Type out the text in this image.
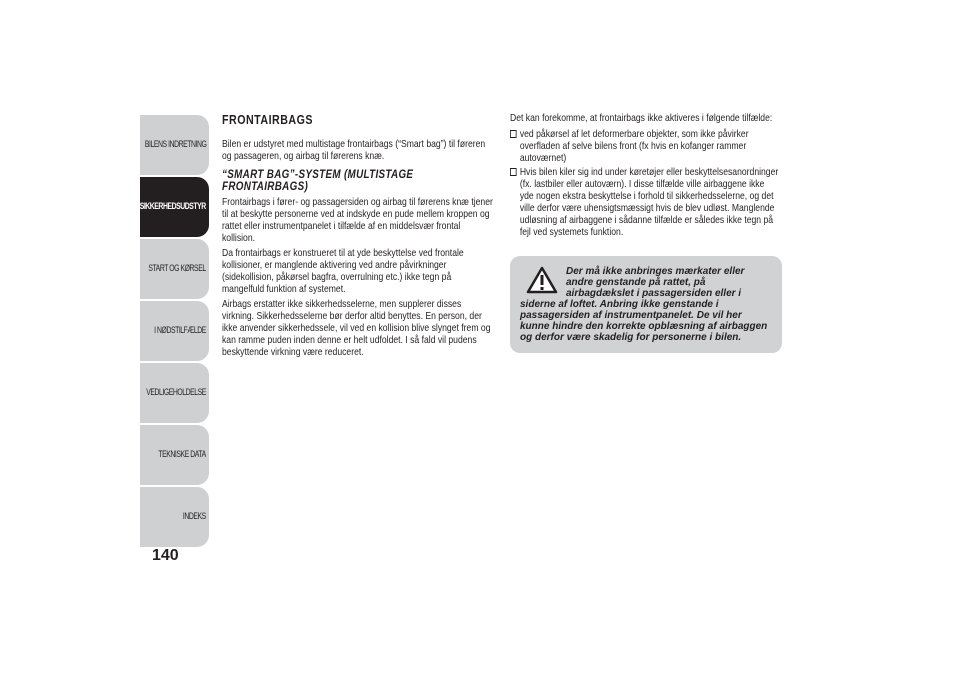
BILENS INDRETNING
SIKKERHEDSUDSTYR
START OG KØRSEL
I NØDSTILFÆLDE
VEDLIGEHOLDELSE
TEKNISKE DATA
INDEKS
140
FRONTAIRBAGS

Bilen er udstyret med multistage frontairbags (“Smart bag”) til føreren og passageren, og airbag til førerens knæ.

“SMART BAG”-SYSTEM (MULTISTAGE FRONTAIRBAGS)

Frontairbags i fører- og passagersiden og airbag til førerens knæ tjener til at beskytte personerne ved at indskyde en pude mellem kroppen og rattet eller instrumentpanelet i tilfælde af en middelsvær frontal kollision.

Da frontairbags er konstrueret til at yde beskyttelse ved frontale kollisioner, er manglende aktivering ved andre påvirkninger (sidekollision, påkørsel bagfra, overrulning etc.) ikke tegn på mangelfuld funktion af systemet.

Airbags erstatter ikke sikkerhedsselerne, men supplerer disses virkning. Sikkerhedsselerne bør derfor altid benyttes. En person, der ikke anvender sikkerhedssele, vil ved en kollision blive slynget frem og kan ramme puden inden denne er helt udfoldet. I så fald vil pudens beskyttende virkning være reduceret.

Det kan forekomme, at frontairbags ikke aktiveres i følgende tilfælde:

ved påkørsel af let deformerbare objekter, som ikke påvirker overfladen af selve bilens front (fx hvis en kofanger rammer autoværnet)
Hvis bilen kiler sig ind under køretøjer eller beskyttelsesanordninger (fx. lastbiler eller autoværn). I disse tilfælde ville airbaggene ikke yde nogen ekstra beskyttelse i forhold til sikkerhedsselerne, og det ville derfor være uhensigtsmæssigt hvis de blev udløst. Manglende udløsning af airbaggene i sådanne tilfælde er således ikke tegn på fejl ved systemets funktion.
Der må ikke anbringes mærkater eller andre genstande på rattet, på airbagdækslet i passagersiden eller i siderne af loftet. Anbring ikke genstande i passagersiden af instrumentpanelet. De vil her kunne hindre den korrekte opblæsning af airbaggen og derfor være skadelig for personerne i bilen.
